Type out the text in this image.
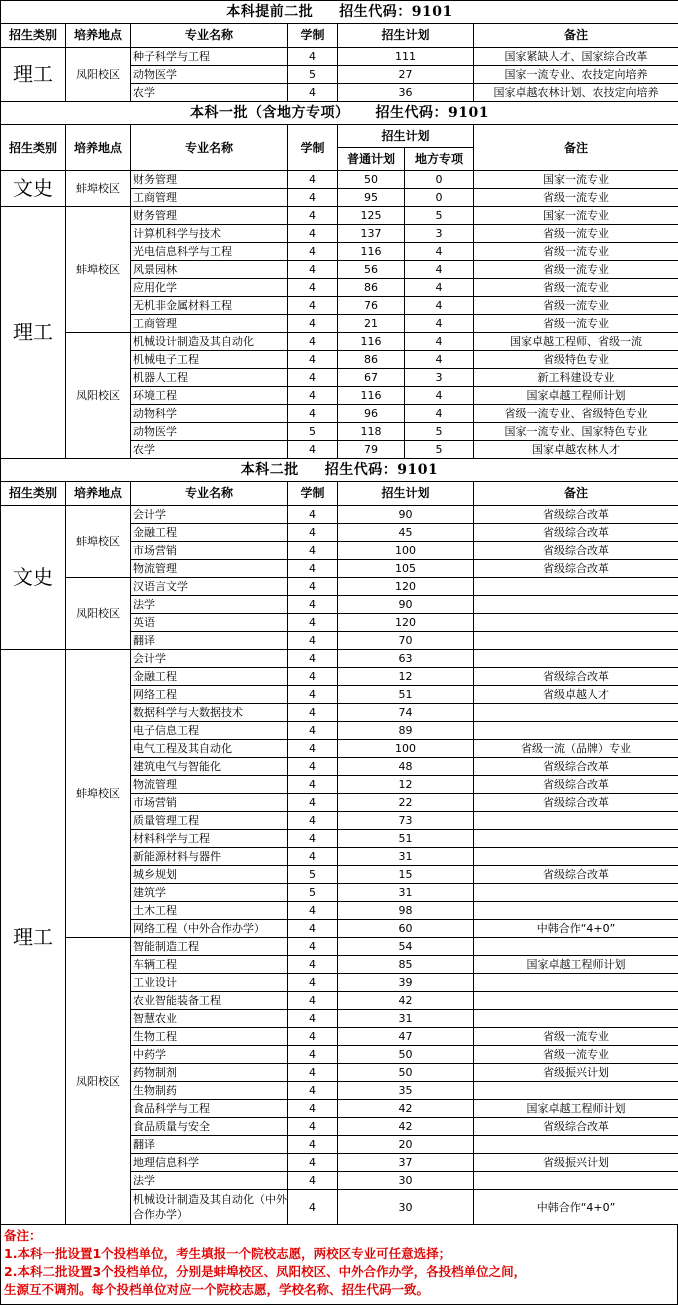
本科提前二批 招生代码：9101						
招生类别	培养地点	专业名称	学制	招生计划		备注
理工	凤阳校区	种子科学与工程	4	111		国家紧缺人才、国家综合改革
		动物医学	5	27		国家一流专业、农技定向培养
		农学	4	36		国家卓越农林计划、农技定向培养
本科一批（含地方专项） 招生代码：9101						
招生类别	培养地点	专业名称	学制	招生计划		备注
				普通计划	地方专项	
文史	蚌埠校区	财务管理	4	50	0	国家一流专业
		工商管理	4	95	0	省级一流专业
理工	蚌埠校区	财务管理	4	125	5	国家一流专业
		计算机科学与技术	4	137	3	省级一流专业
		光电信息科学与工程	4	116	4	省级一流专业
		风景园林	4	56	4	省级一流专业
		应用化学	4	86	4	省级一流专业
		无机非金属材料工程	4	76	4	省级一流专业
		工商管理	4	21	4	省级一流专业
	凤阳校区	机械设计制造及其自动化	4	116	4	国家卓越工程师、省级一流
		机械电子工程	4	86	4	省级特色专业
		机器人工程	4	67	3	新工科建设专业
		环境工程	4	116	4	国家卓越工程师计划
		动物科学	4	96	4	省级一流专业、省级特色专业
		动物医学	5	118	5	国家一流专业、国家特色专业
		农学	4	79	5	国家卓越农林人才
本科二批 招生代码：9101						
招生类别	培养地点	专业名称	学制	招生计划		备注
文史	蚌埠校区	会计学	4	90		省级综合改革
		金融工程	4	45		省级综合改革
		市场营销	4	100		省级综合改革
		物流管理	4	105		省级综合改革
	凤阳校区	汉语言文学	4	120		
		法学	4	90		
		英语	4	120		
		翻译	4	70		
理工	蚌埠校区	会计学	4	63		
		金融工程	4	12		省级综合改革
		网络工程	4	51		省级卓越人才
		数据科学与大数据技术	4	74		
		电子信息工程	4	89		
		电气工程及其自动化	4	100		省级一流（品牌）专业
		建筑电气与智能化	4	48		省级综合改革
		物流管理	4	12		省级综合改革
		市场营销	4	22		省级综合改革
		质量管理工程	4	73		
		材料科学与工程	4	51		
		新能源材料与器件	4	31		
		城乡规划	5	15		省级综合改革
		建筑学	5	31		
		土木工程	4	98		
		网络工程（中外合作办学）	4	60		中韩合作“4+0”
	凤阳校区	智能制造工程	4	54		
		车辆工程	4	85		国家卓越工程师计划
		工业设计	4	39		
		农业智能装备工程	4	42		
		智慧农业	4	31		
		生物工程	4	47		省级一流专业
		中药学	4	50		省级一流专业
		药物制剂	4	50		省级振兴计划
		生物制药	4	35		
		食品科学与工程	4	42		国家卓越工程师计划
		食品质量与安全	4	42		省级综合改革
		翻译	4	20		
		地理信息科学	4	37		省级振兴计划
		法学	4	30		
		机械设计制造及其自动化（中外合作办学）	4	30		中韩合作“4+0”
备注：
1.本科一批设置1个投档单位，考生填报一个院校志愿，两校区专业可任意选择；
2.本科二批设置3个投档单位，分别是蚌埠校区、凤阳校区、中外合作办学，各投档单位之间，
生源互不调剂。每个投档单位对应一个院校志愿，学校名称、招生代码一致。
